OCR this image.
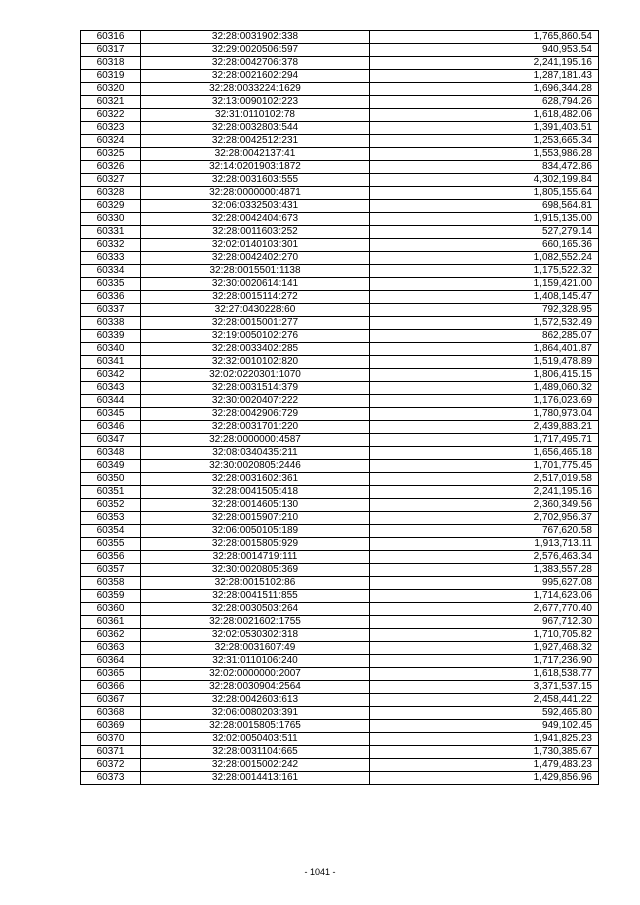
60316	32:28:0031902:338	1,765,860.54
60317	32:29:0020506:597	940,953.54
60318	32:28:0042706:378	2,241,195.16
60319	32:28:0021602:294	1,287,181.43
60320	32:28:0033224:1629	1,696,344.28
60321	32:13:0090102:223	628,794.26
60322	32:31:0110102:78	1,618,482.06
60323	32:28:0032803:544	1,391,403.51
60324	32:28:0042512:231	1,253,665.34
60325	32:28:0042137:41	1,553,986.28
60326	32:14:0201903:1872	834,472.86
60327	32:28:0031603:555	4,302,199.84
60328	32:28:0000000:4871	1,805,155.64
60329	32:06:0332503:431	698,564.81
60330	32:28:0042404:673	1,915,135.00
60331	32:28:0011603:252	527,279.14
60332	32:02:0140103:301	660,165.36
60333	32:28:0042402:270	1,082,552.24
60334	32:28:0015501:1138	1,175,522.32
60335	32:30:0020614:141	1,159,421.00
60336	32:28:0015114:272	1,408,145.47
60337	32:27:0430228:60	792,328.95
60338	32:28:0015001:277	1,572,532.49
60339	32:19:0050102:276	862,285.07
60340	32:28:0033402:285	1,864,401.87
60341	32:32:0010102:820	1,519,478.89
60342	32:02:0220301:1070	1,806,415.15
60343	32:28:0031514:379	1,489,060.32
60344	32:30:0020407:222	1,176,023.69
60345	32:28:0042906:729	1,780,973.04
60346	32:28:0031701:220	2,439,883.21
60347	32:28:0000000:4587	1,717,495.71
60348	32:08:0340435:211	1,656,465.18
60349	32:30:0020805:2446	1,701,775.45
60350	32:28:0031602:361	2,517,019.58
60351	32:28:0041505:418	2,241,195.16
60352	32:28:0014605:130	2,360,349.56
60353	32:28:0015907:210	2,702,956.37
60354	32:06:0050105:189	767,620.58
60355	32:28:0015805:929	1,913,713.11
60356	32:28:0014719:111	2,576,463.34
60357	32:30:0020805:369	1,383,557.28
60358	32:28:0015102:86	995,627.08
60359	32:28:0041511:855	1,714,623.06
60360	32:28:0030503:264	2,677,770.40
60361	32:28:0021602:1755	967,712.30
60362	32:02:0530302:318	1,710,705.82
60363	32:28:0031607:49	1,927,468.32
60364	32:31:0110106:240	1,717,236.90
60365	32:02:0000000:2007	1,618,538.77
60366	32:28:0030904:2564	3,371,537.15
60367	32:28:0042603:613	2,458,441.22
60368	32:06:0080203:391	592,465.80
60369	32:28:0015805:1765	949,102.45
60370	32:02:0050403:511	1,941,825.23
60371	32:28:0031104:665	1,730,385.67
60372	32:28:0015002:242	1,479,483.23
60373	32:28:0014413:161	1,429,856.96
- 1041 -
